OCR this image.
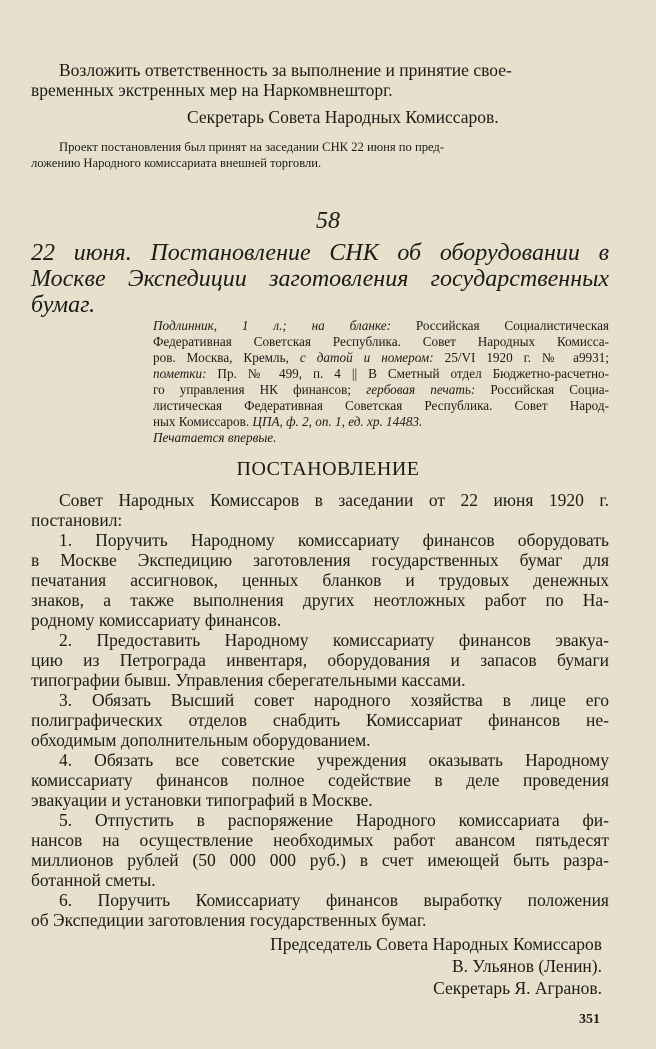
Возложить ответственность за выполнение и принятие свое-
временных экстренных мер на Наркомвнешторг.
Секретарь Совета Народных Комиссаров.
Проект постановления был принят на заседании СНК 22 июня по пред-
ложению Народного комиссариата внешней торговли.
58
22 июня. Постановление СНК об оборудовании в
Москве Экспедиции заготовления государственных
бумаг.
Подлинник, 1 л.; на бланке: Российская Социалистическая
Федеративная Советская Республика. Совет Народных Комисса-
ров. Москва, Кремль, с датой и номером: 25/VI 1920 г. № а9931;
пометки: Пр. № 499, п. 4 || В Сметный отдел Бюджетно-расчетно-
го управления НК финансов; гербовая печать: Российская Социа-
листическая Федеративная Советская Республика. Совет Народ-
ных Комиссаров. ЦПА, ф. 2, оп. 1, ед. хр. 14483.
Печатается впервые.
ПОСТАНОВЛЕНИЕ
Совет Народных Комиссаров в заседании от 22 июня 1920 г.
постановил:
1. Поручить Народному комиссариату финансов оборудовать
в Москве Экспедицию заготовления государственных бумаг для
печатания ассигновок, ценных бланков и трудовых денежных
знаков, а также выполнения других неотложных работ по На-
родному комиссариату финансов.
2. Предоставить Народному комиссариату финансов эвакуа-
цию из Петрограда инвентаря, оборудования и запасов бумаги
типографии бывш. Управления сберегательными кассами.
3. Обязать Высший совет народного хозяйства в лице его
полиграфических отделов снабдить Комиссариат финансов не-
обходимым дополнительным оборудованием.
4. Обязать все советские учреждения оказывать Народному
комиссариату финансов полное содействие в деле проведения
эвакуации и установки типографий в Москве.
5. Отпустить в распоряжение Народного комиссариата фи-
нансов на осуществление необходимых работ авансом пятьдесят
миллионов рублей (50 000 000 руб.) в счет имеющей быть разра-
ботанной сметы.
6. Поручить Комиссариату финансов выработку положения
об Экспедиции заготовления государственных бумаг.
Председатель Совета Народных Комиссаров
В. Ульянов (Ленин).
Секретарь Я. Агранов.
351
